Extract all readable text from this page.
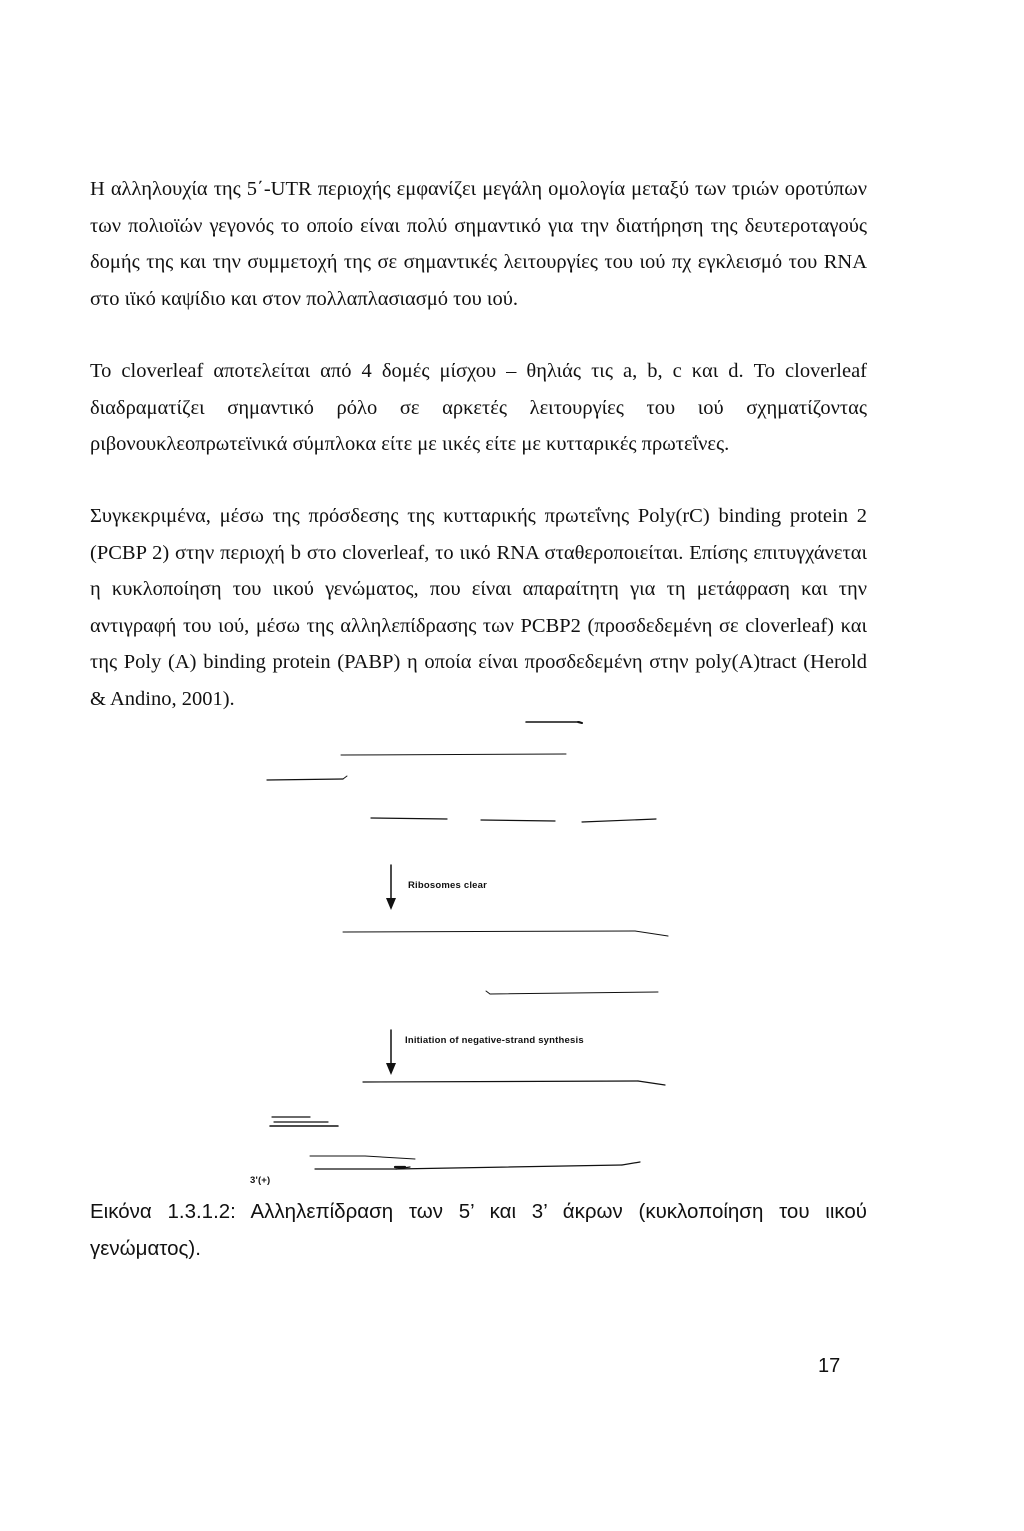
Η αλληλουχία της 5΄-UTR περιοχής εμφανίζει μεγάλη ομολογία μεταξύ των τριών οροτύπων των πολιοϊών γεγονός το οποίο είναι πολύ σημαντικό για την διατήρηση της δευτεροταγούς δομής της και την συμμετοχή της σε σημαντικές λειτουργίες του ιού πχ εγκλεισμό του RNA στο ιϊκό καψίδιο και στον πολλαπλασιασμό του ιού.

Το cloverleaf αποτελείται από 4 δομές μίσχου – θηλιάς τις a, b, c και d. Το cloverleaf διαδραματίζει σημαντικό ρόλο σε αρκετές λειτουργίες του ιού σχηματίζοντας ριβονουκλεοπρωτεϊνικά σύμπλοκα είτε με ιικές είτε με κυτταρικές πρωτεΐνες.

Συγκεκριμένα, μέσω της πρόσδεσης της κυτταρικής πρωτεΐνης Poly(rC) binding protein 2 (PCBP 2) στην περιοχή b στο cloverleaf, το ιικό RNA σταθεροποιείται. Επίσης επιτυγχάνεται η κυκλοποίηση του ιικού γενώματος, που είναι απαραίτητη για τη μετάφραση και την αντιγραφή του ιού, μέσω της αλληλεπίδρασης των PCBP2 (προσδεδεμένη σε cloverleaf) και της Poly (A) binding protein (PABP) η οποία είναι προσδεδεμένη στην poly(A)tract (Herold & Andino, 2001).

Ribosomes clear
Initiation of negative-strand synthesis
3'(+)

Εικόνα 1.3.1.2: Αλληλεπίδραση των 5’ και 3’ άκρων (κυκλοποίηση του ιικού γενώματος).

17
